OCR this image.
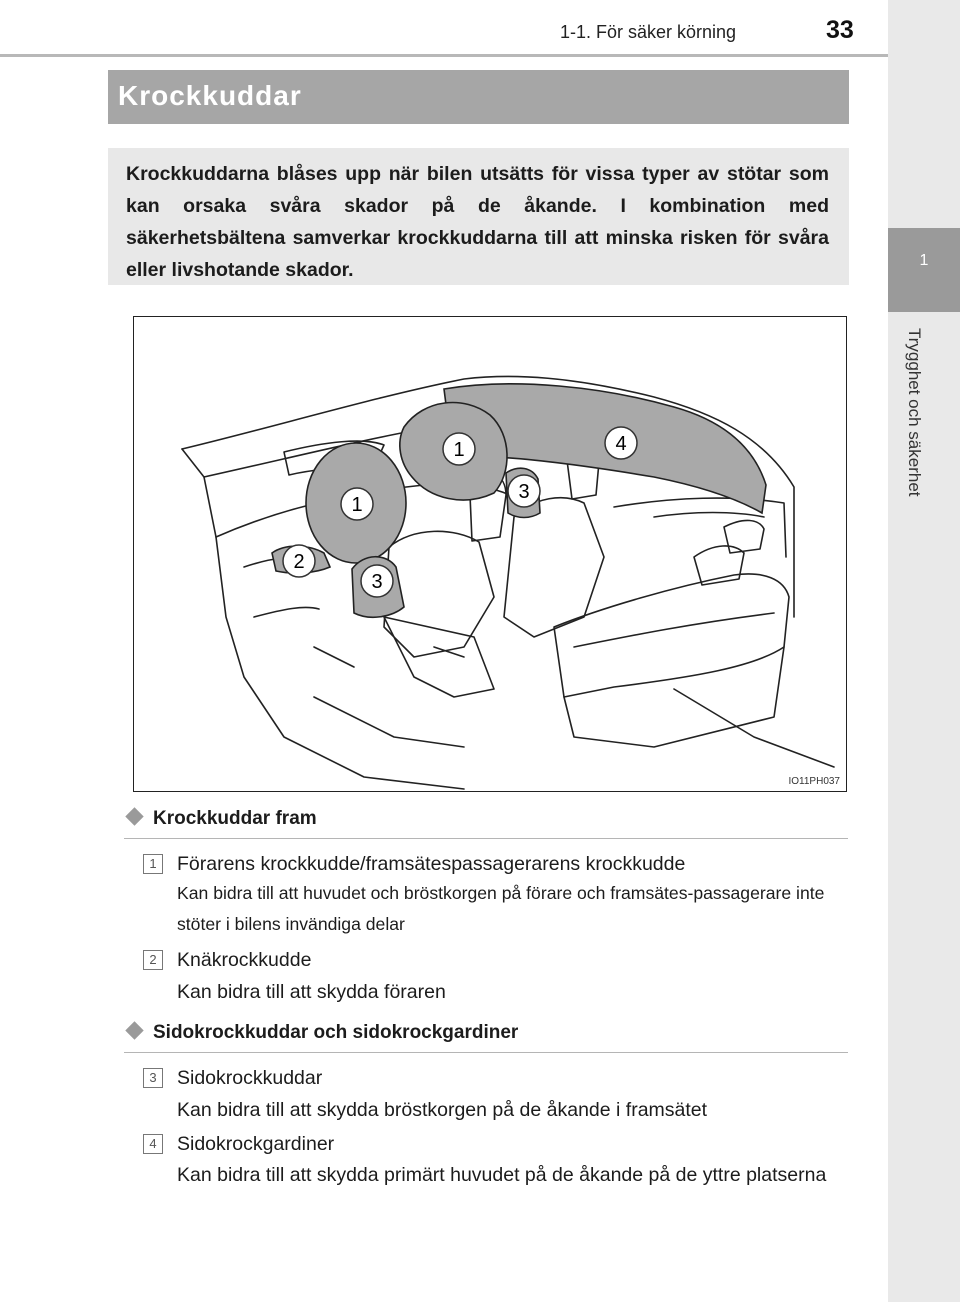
1-1. För säker körning	33
1
Trygghet och säkerhet
Krockkuddar
Krockkuddarna blåses upp när bilen utsätts för vissa typer av stötar som kan orsaka svåra skador på de åkande. I kombination med säkerhetsbältena samverkar krockkuddarna till att minska risken för svåra eller livshotande skador.
1
1
2
3
3
4
IO11PH037
Krockkuddar fram
1	Förarens krockkudde/framsätespassagerarens krockkudde
Kan bidra till att huvudet och bröstkorgen på förare och framsätes-passagerare inte stöter i bilens invändiga delar
2	Knäkrockkudde
Kan bidra till att skydda föraren
Sidokrockkuddar och sidokrockgardiner
3	Sidokrockkuddar
Kan bidra till att skydda bröstkorgen på de åkande i framsätet
4	Sidokrockgardiner
Kan bidra till att skydda primärt huvudet på de åkande på de yttre platserna
